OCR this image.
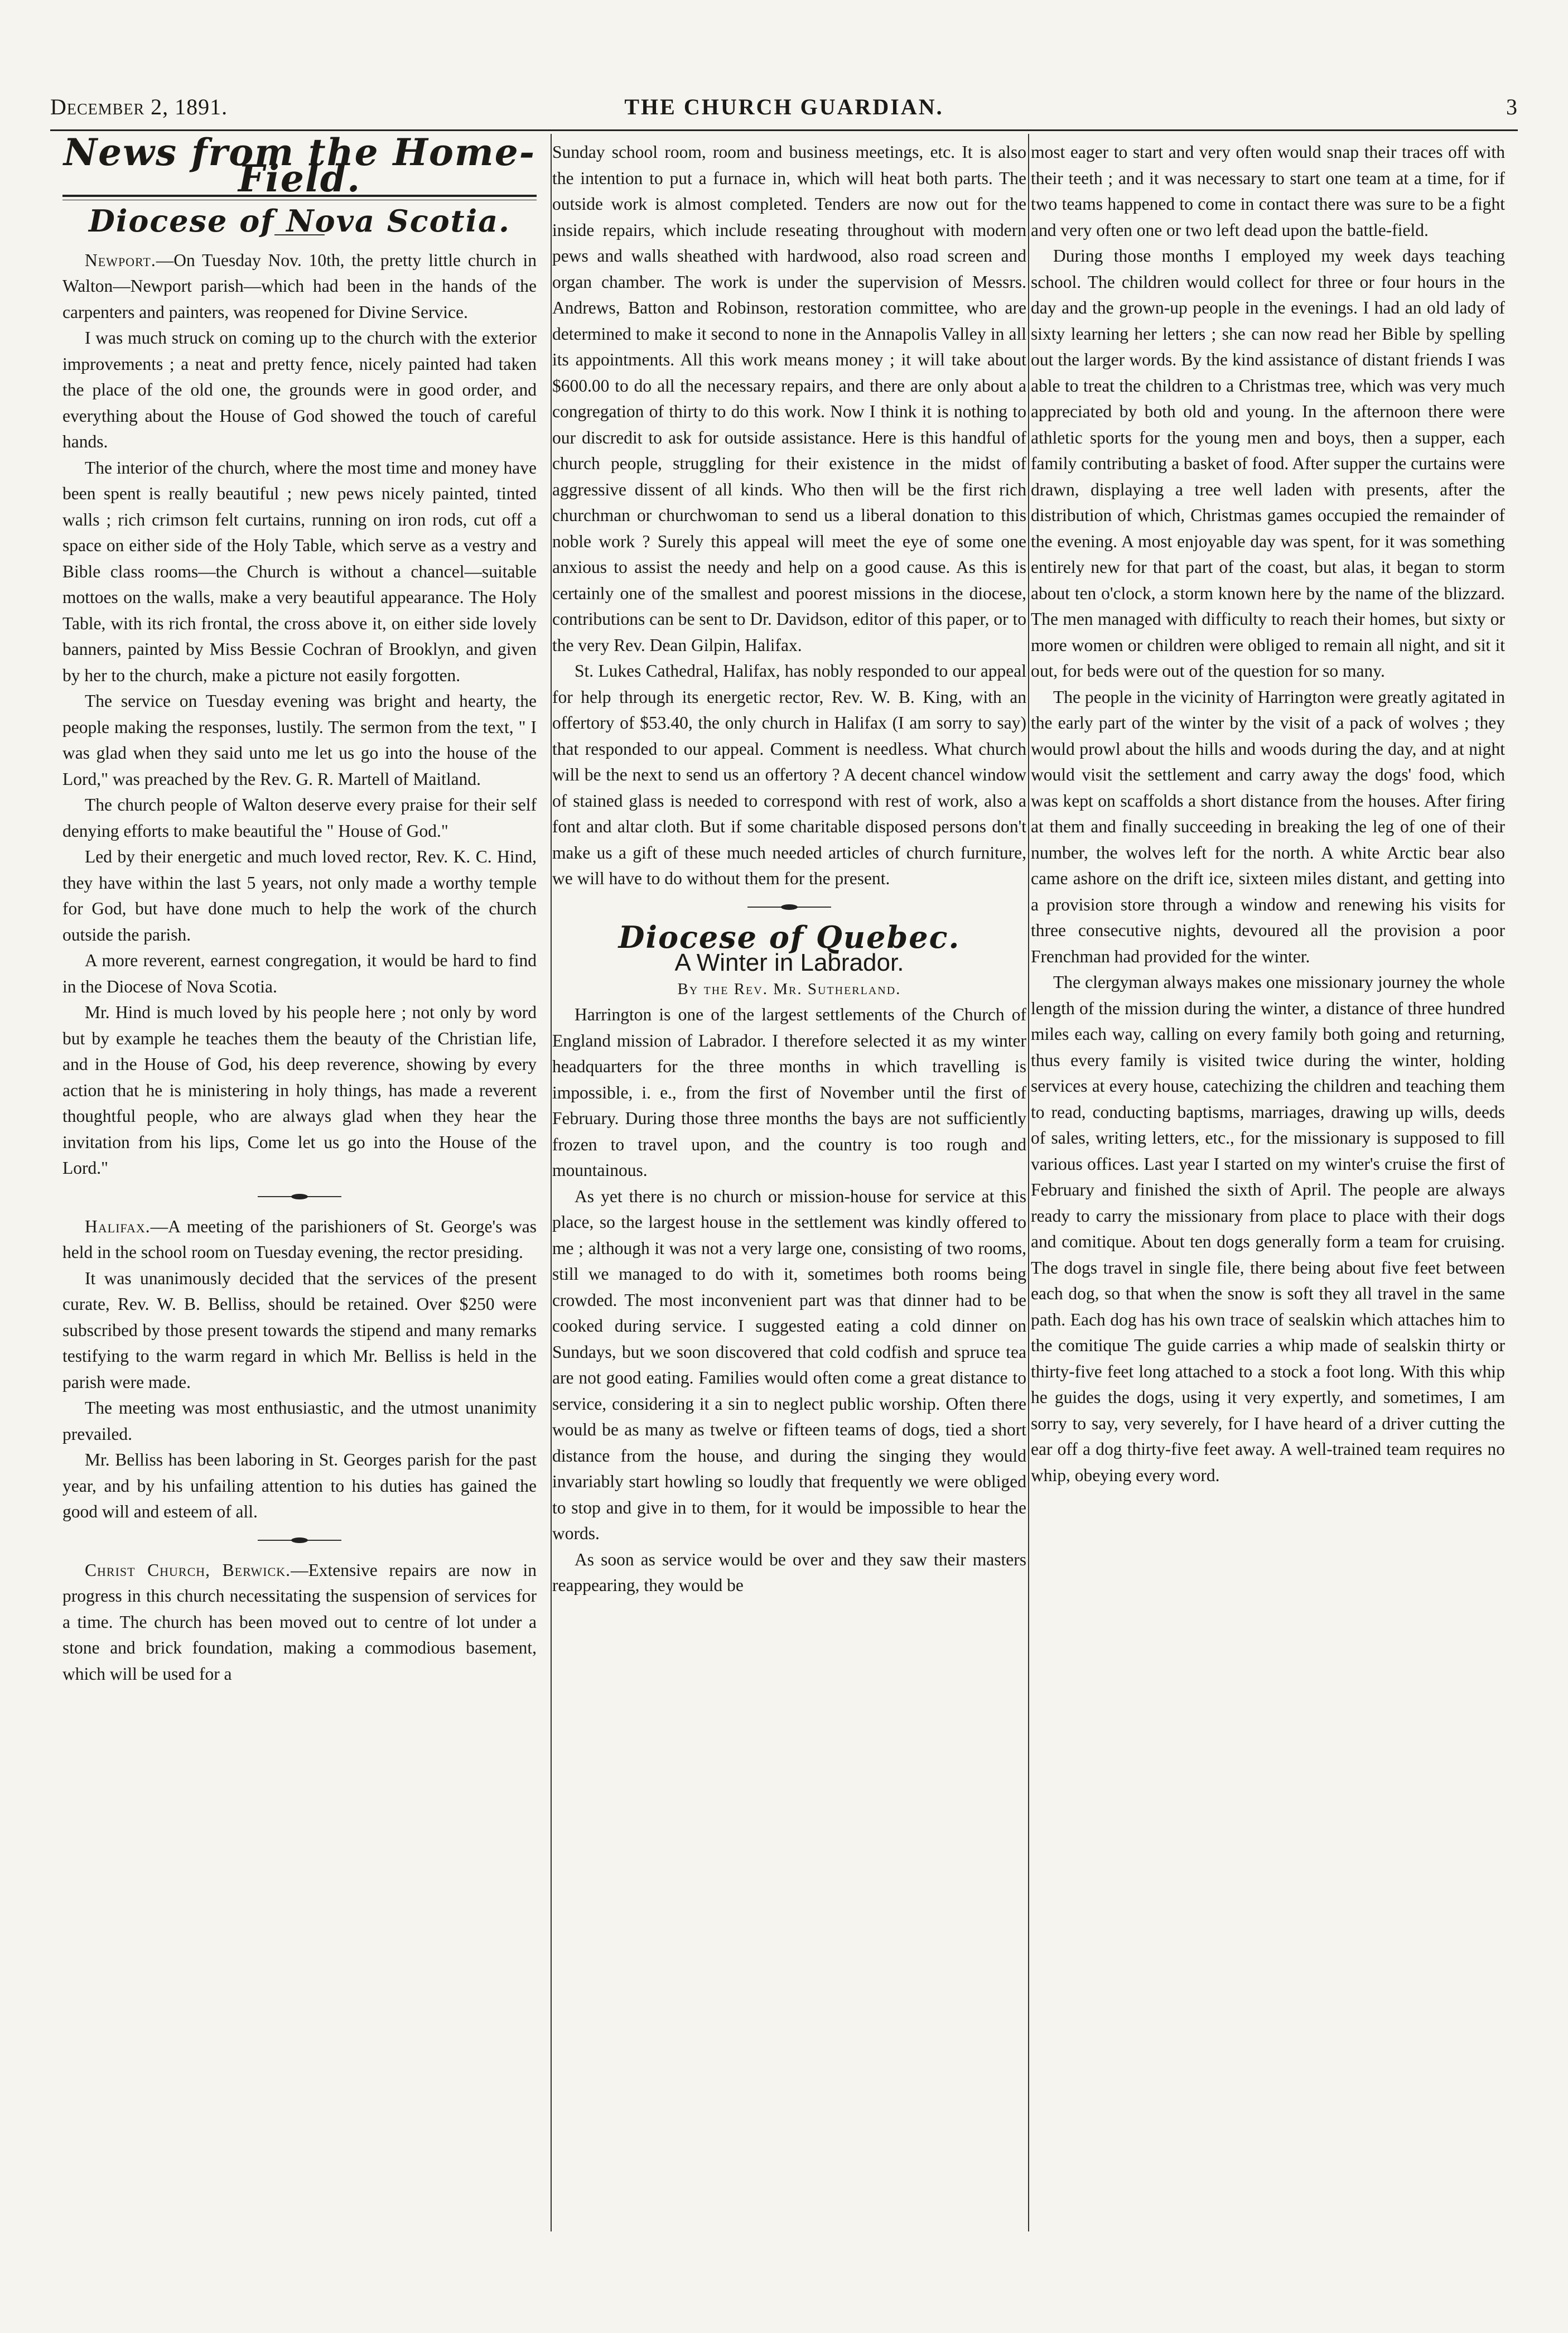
December 2, 1891.	THE CHURCH GUARDIAN.	3

News from the Home-Field.

Diocese of Nova Scotia.

Newport.—On Tuesday Nov. 10th, the pretty little church in Walton—Newport parish—which had been in the hands of the carpenters and painters, was reopened for Divine Service.

I was much struck on coming up to the church with the exterior improvements ; a neat and pretty fence, nicely painted had taken the place of the old one, the grounds were in good order, and everything about the House of God showed the touch of careful hands.

The interior of the church, where the most time and money have been spent is really beautiful ; new pews nicely painted, tinted walls ; rich crimson felt curtains, running on iron rods, cut off a space on either side of the Holy Table, which serve as a vestry and Bible class rooms—the Church is without a chancel—suitable mottoes on the walls, make a very beautiful appearance. The Holy Table, with its rich frontal, the cross above it, on either side lovely banners, painted by Miss Bessie Cochran of Brooklyn, and given by her to the church, make a picture not easily forgotten.

The service on Tuesday evening was bright and hearty, the people making the responses, lustily. The sermon from the text, " I was glad when they said unto me let us go into the house of the Lord," was preached by the Rev. G. R. Martell of Maitland.

The church people of Walton deserve every praise for their self denying efforts to make beautiful the " House of God."

Led by their energetic and much loved rector, Rev. K. C. Hind, they have within the last 5 years, not only made a worthy temple for God, but have done much to help the work of the church outside the parish.

A more reverent, earnest congregation, it would be hard to find in the Diocese of Nova Scotia.

Mr. Hind is much loved by his people here ; not only by word but by example he teaches them the beauty of the Christian life, and in the House of God, his deep reverence, showing by every action that he is ministering in holy things, has made a reverent thoughtful people, who are always glad when they hear the invitation from his lips, Come let us go into the House of the Lord."

Halifax.—A meeting of the parishioners of St. George's was held in the school room on Tuesday evening, the rector presiding.

It was unanimously decided that the services of the present curate, Rev. W. B. Belliss, should be retained. Over $250 were subscribed by those present towards the stipend and many remarks testifying to the warm regard in which Mr. Belliss is held in the parish were made.

The meeting was most enthusiastic, and the utmost unanimity prevailed.

Mr. Belliss has been laboring in St. Georges parish for the past year, and by his unfailing attention to his duties has gained the good will and esteem of all.

Christ Church, Berwick.—Extensive repairs are now in progress in this church necessitating the suspension of services for a time. The church has been moved out to centre of lot under a stone and brick foundation, making a commodious basement, which will be used for a

Sunday school room, room and business meetings, etc. It is also the intention to put a furnace in, which will heat both parts. The outside work is almost completed. Tenders are now out for the inside repairs, which include reseating throughout with modern pews and walls sheathed with hardwood, also road screen and organ chamber. The work is under the supervision of Messrs. Andrews, Batton and Robinson, restoration committee, who are determined to make it second to none in the Annapolis Valley in all its appointments. All this work means money ; it will take about $600.00 to do all the necessary repairs, and there are only about a congregation of thirty to do this work. Now I think it is nothing to our discredit to ask for outside assistance. Here is this handful of church people, struggling for their existence in the midst of aggressive dissent of all kinds. Who then will be the first rich churchman or churchwoman to send us a liberal donation to this noble work ? Surely this appeal will meet the eye of some one anxious to assist the needy and help on a good cause. As this is certainly one of the smallest and poorest missions in the diocese, contributions can be sent to Dr. Davidson, editor of this paper, or to the very Rev. Dean Gilpin, Halifax.

St. Lukes Cathedral, Halifax, has nobly responded to our appeal for help through its energetic rector, Rev. W. B. King, with an offertory of $53.40, the only church in Halifax (I am sorry to say) that responded to our appeal. Comment is needless. What church will be the next to send us an offertory ? A decent chancel window of stained glass is needed to correspond with rest of work, also a font and altar cloth. But if some charitable disposed persons don't make us a gift of these much needed articles of church furniture, we will have to do without them for the present.

Diocese of Quebec.

A Winter in Labrador.

By the Rev. Mr. Sutherland.

Harrington is one of the largest settlements of the Church of England mission of Labrador. I therefore selected it as my winter headquarters for the three months in which travelling is impossible, i. e., from the first of November until the first of February. During those three months the bays are not sufficiently frozen to travel upon, and the country is too rough and mountainous.

As yet there is no church or mission-house for service at this place, so the largest house in the settlement was kindly offered to me ; although it was not a very large one, consisting of two rooms, still we managed to do with it, sometimes both rooms being crowded. The most inconvenient part was that dinner had to be cooked during service. I suggested eating a cold dinner on Sundays, but we soon discovered that cold codfish and spruce tea are not good eating. Families would often come a great distance to service, considering it a sin to neglect public worship. Often there would be as many as twelve or fifteen teams of dogs, tied a short distance from the house, and during the singing they would invariably start howling so loudly that frequently we were obliged to stop and give in to them, for it would be impossible to hear the words.

As soon as service would be over and they saw their masters reappearing, they would be

most eager to start and very often would snap their traces off with their teeth ; and it was necessary to start one team at a time, for if two teams happened to come in contact there was sure to be a fight and very often one or two left dead upon the battle-field.

During those months I employed my week days teaching school. The children would collect for three or four hours in the day and the grown-up people in the evenings. I had an old lady of sixty learning her letters ; she can now read her Bible by spelling out the larger words. By the kind assistance of distant friends I was able to treat the children to a Christmas tree, which was very much appreciated by both old and young. In the afternoon there were athletic sports for the young men and boys, then a supper, each family contributing a basket of food. After supper the curtains were drawn, displaying a tree well laden with presents, after the distribution of which, Christmas games occupied the remainder of the evening. A most enjoyable day was spent, for it was something entirely new for that part of the coast, but alas, it began to storm about ten o'clock, a storm known here by the name of the blizzard. The men managed with difficulty to reach their homes, but sixty or more women or children were obliged to remain all night, and sit it out, for beds were out of the question for so many.

The people in the vicinity of Harrington were greatly agitated in the early part of the winter by the visit of a pack of wolves ; they would prowl about the hills and woods during the day, and at night would visit the settlement and carry away the dogs' food, which was kept on scaffolds a short distance from the houses. After firing at them and finally succeeding in breaking the leg of one of their number, the wolves left for the north. A white Arctic bear also came ashore on the drift ice, sixteen miles distant, and getting into a provision store through a window and renewing his visits for three consecutive nights, devoured all the provision a poor Frenchman had provided for the winter.

The clergyman always makes one missionary journey the whole length of the mission during the winter, a distance of three hundred miles each way, calling on every family both going and returning, thus every family is visited twice during the winter, holding services at every house, catechizing the children and teaching them to read, conducting baptisms, marriages, drawing up wills, deeds of sales, writing letters, etc., for the missionary is supposed to fill various offices. Last year I started on my winter's cruise the first of February and finished the sixth of April. The people are always ready to carry the missionary from place to place with their dogs and comitique. About ten dogs generally form a team for cruising. The dogs travel in single file, there being about five feet between each dog, so that when the snow is soft they all travel in the same path. Each dog has his own trace of sealskin which attaches him to the comitique The guide carries a whip made of sealskin thirty or thirty-five feet long attached to a stock a foot long. With this whip he guides the dogs, using it very expertly, and sometimes, I am sorry to say, very severely, for I have heard of a driver cutting the ear off a dog thirty-five feet away. A well-trained team requires no whip, obeying every word.
